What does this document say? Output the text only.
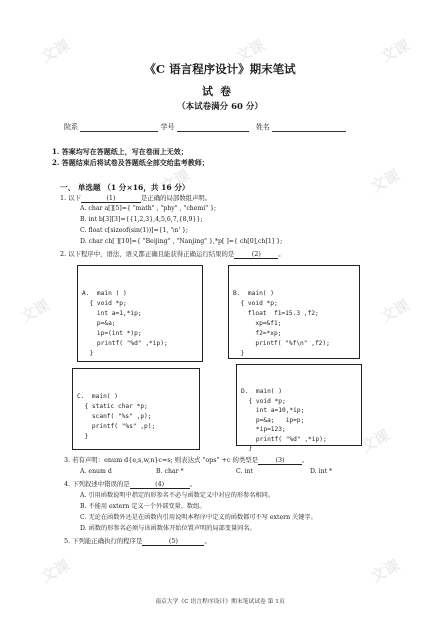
文课	文课	文课
文课	文课
文课	文课
文课
文课	文课
《C 语言程序设计》期末笔试
试卷
（本试卷满分 60 分）
院系	学号	姓名
1. 答案均写在答题纸上，写在卷面上无效；
2. 答题结束后将试卷及答题纸全部交给监考教师；
一、 单选题 （1 分×16，共 16 分）
1. 以下	(1)	是正确的局部数组声明。
A. char a[][5]={ "math" , "phy" , "chemi" };
B. int b[3][3]={{1,2,3},4,5,6,7,{8,9}};
C. float c[sizeof(sin(1))]={1, '\n' };
D. char ch[ ][10]={ "Beijing" , "Nanjing" },*p[ ]={ ch[0],ch[1] };
2. 以下程序中，语法、语义都正确且能获得正确运行结果的是	(2)	。

A.  main ( )
{ void *p;
int a=1,*ip;
p=&a;
ip=(int *)p;
printf( "%d" ,*ip);
}

B.  main( )
{ void *p;
float  f1=15.3 ,f2;
xp=&f1;
f2=*xp;
printf( "%f\n" ,f2);
}

C.  main( )
{ static char *p;
scanf( "%s" ,p);
printf( "%s" ,p);
}

D.  main( )
{ void *p;
int a=10,*ip;
p=&a;   ip=p;
*ip=123;
printf( "%d" ,*ip);
}

3. 若有声明：enum d{e,s,w,n}c=s; 则表达式 "ops" +c 的类型是	(3)	。
A. enum d	B. char *	C. int	D. int *
4. 下列叙述中错误的是	(4)	。
A. 引用函数说明中指定的形参名不必与函数定义中对应的形参名相同。
B. 不能用 extern 定义一个外部变量、数组。
C. 无论在函数外还是在函数内引用说明本程序中定义的函数都可不写 extern 关键字。
D. 函数的形参名必须与该函数体开始位置声明的局部变量同名。
5. 下列能正确执行的程序是	(5)	。
南京大学《C 语言程序设计》期末笔试试卷 第 1页
